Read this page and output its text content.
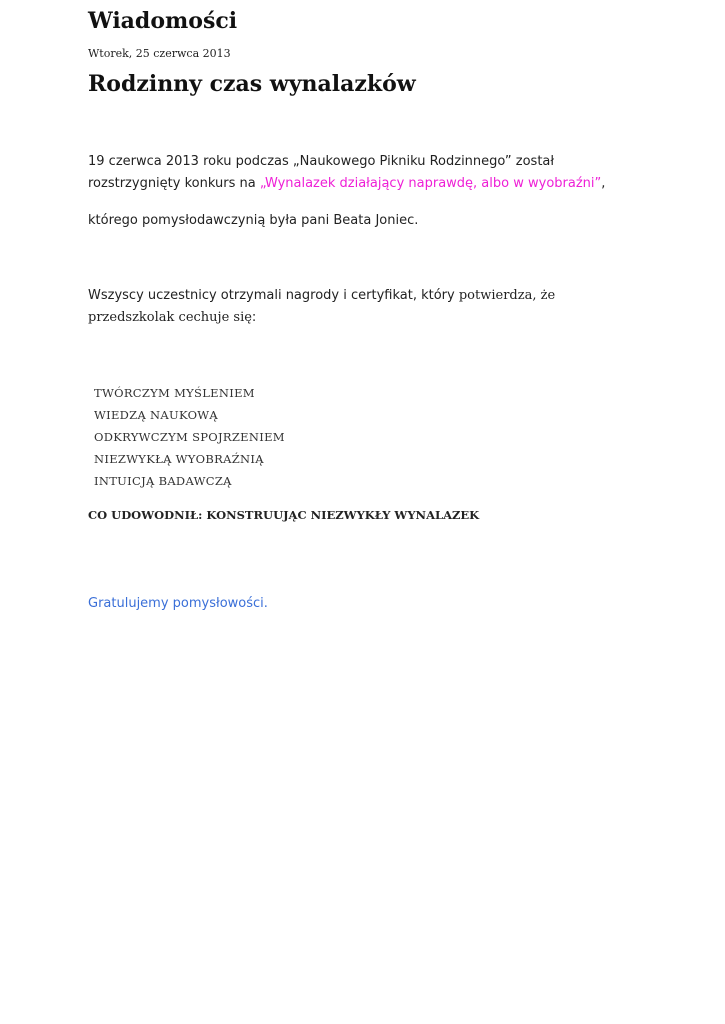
Wiadomości

Wtorek, 25 czerwca 2013

Rodzinny czas wynalazków

19 czerwca 2013 roku podczas „Naukowego Pikniku Rodzinnego” został rozstrzygnięty konkurs na „Wynalazek działający naprawdę, albo w wyobraźni”,

którego pomysłodawczynią była pani Beata Joniec.

Wszyscy uczestnicy otrzymali nagrody i certyfikat, który potwierdza, że przedszkolak cechuje się:

TWÓRCZYM MYŚLENIEM
WIEDZĄ NAUKOWĄ
ODKRYWCZYM SPOJRZENIEM
NIEZWYKŁĄ WYOBRAŹNIĄ
INTUICJĄ BADAWCZĄ

CO UDOWODNIŁ: KONSTRUUJĄC NIEZWYKŁY WYNALAZEK

Gratulujemy pomysłowości.
